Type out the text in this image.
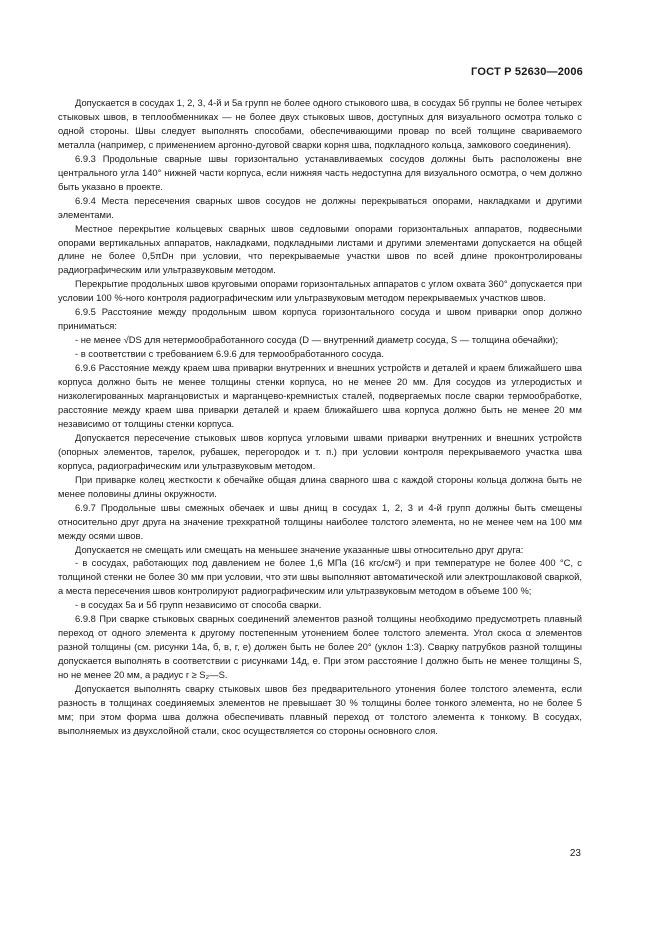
ГОСТ Р 52630—2006

Допускается в сосудах 1, 2, 3, 4-й и 5а групп не более одного стыкового шва, в сосудах 5б группы не более четырех стыковых швов, в теплообменниках — не более двух стыковых швов, доступных для визуального осмотра только с одной стороны. Швы следует выполнять способами, обеспечивающими провар по всей толщине свариваемого металла (например, с применением аргонно-дуговой сварки корня шва, подкладного кольца, замкового соединения).

6.9.3 Продольные сварные швы горизонтально устанавливаемых сосудов должны быть расположены вне центрального угла 140° нижней части корпуса, если нижняя часть недоступна для визуального осмотра, о чем должно быть указано в проекте.

6.9.4 Места пересечения сварных швов сосудов не должны перекрываться опорами, накладками и другими элементами.

Местное перекрытие кольцевых сварных швов седловыми опорами горизонтальных аппаратов, подвесными опорами вертикальных аппаратов, накладками, подкладными листами и другими элементами допускается на общей длине не более 0,5πDн при условии, что перекрываемые участки швов по всей длине проконтролированы радиографическим или ультразвуковым методом.

Перекрытие продольных швов круговыми опорами горизонтальных аппаратов с углом охвата 360° допускается при условии 100 %-ного контроля радиографическим или ультразвуковым методом перекрываемых участков швов.

6.9.5 Расстояние между продольным швом корпуса горизонтального сосуда и швом приварки опор должно приниматься:

- не менее √DS для нетермообработанного сосуда (D — внутренний диаметр сосуда, S — толщина обечайки);

- в соответствии с требованием 6.9.6 для термообработанного сосуда.

6.9.6 Расстояние между краем шва приварки внутренних и внешних устройств и деталей и краем ближайшего шва корпуса должно быть не менее толщины стенки корпуса, но не менее 20 мм. Для сосудов из углеродистых и низколегированных марганцовистых и марганцево-кремнистых сталей, подвергаемых после сварки термообработке, расстояние между краем шва приварки деталей и краем ближайшего шва корпуса должно быть не менее 20 мм независимо от толщины стенки корпуса.

Допускается пересечение стыковых швов корпуса угловыми швами приварки внутренних и внешних устройств (опорных элементов, тарелок, рубашек, перегородок и т. п.) при условии контроля перекрываемого участка шва корпуса, радиографическим или ультразвуковым методом.

При приварке колец жесткости к обечайке общая длина сварного шва с каждой стороны кольца должна быть не менее половины длины окружности.

6.9.7 Продольные швы смежных обечаек и швы днищ в сосудах 1, 2, 3 и 4-й групп должны быть смещены относительно друг друга на значение трехкратной толщины наиболее толстого элемента, но не менее чем на 100 мм между осями швов.

Допускается не смещать или смещать на меньшее значение указанные швы относительно друг друга:

- в сосудах, работающих под давлением не более 1,6 МПа (16 кгс/см²) и при температуре не более 400 °С, с толщиной стенки не более 30 мм при условии, что эти швы выполняют автоматической или электрошлаковой сваркой, а места пересечения швов контролируют радиографическим или ультразвуковым методом в объеме 100 %;

- в сосудах 5а и 5б групп независимо от способа сварки.

6.9.8 При сварке стыковых сварных соединений элементов разной толщины необходимо предусмотреть плавный переход от одного элемента к другому постепенным утонением более толстого элемента. Угол скоса α элементов разной толщины (см. рисунки 14а, б, в, г, е) должен быть не более 20° (уклон 1:3). Сварку патрубков разной толщины допускается выполнять в соответствии с рисунками 14д, е. При этом расстояние l должно быть не менее толщины S, но не менее 20 мм, а радиус r ≥ S₂—S.

Допускается выполнять сварку стыковых швов без предварительного утонения более толстого элемента, если разность в толщинах соединяемых элементов не превышает 30 % толщины более тонкого элемента, но не более 5 мм; при этом форма шва должна обеспечивать плавный переход от толстого элемента к тонкому. В сосудах, выполняемых из двухслойной стали, скос осуществляется со стороны основного слоя.

23
